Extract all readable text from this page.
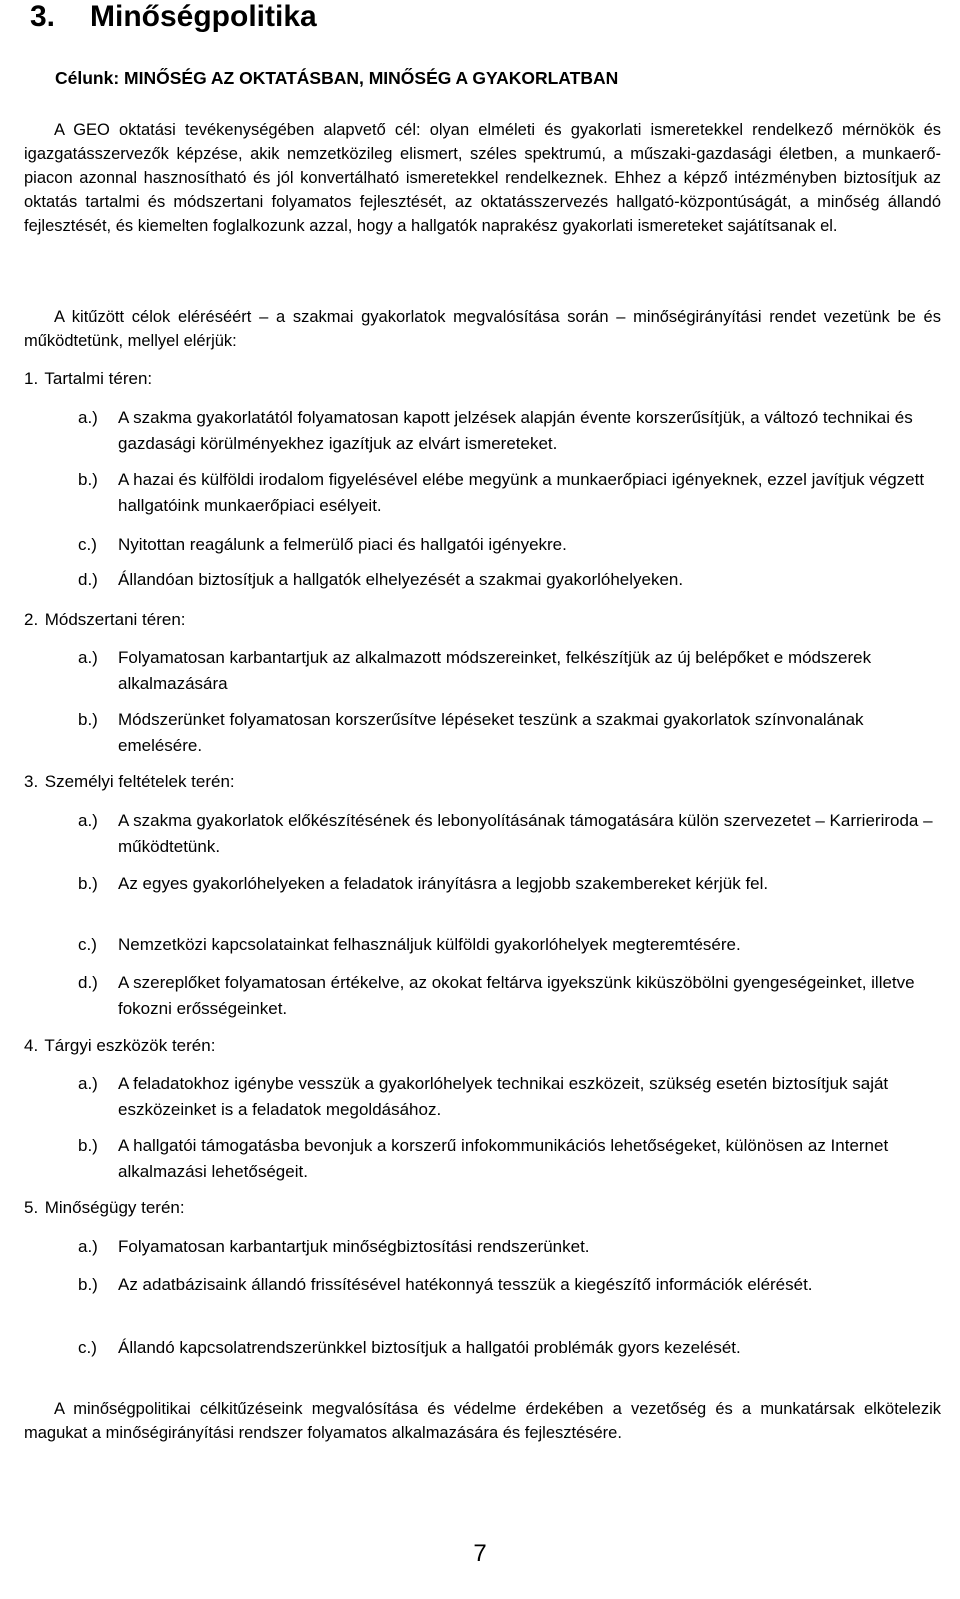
3. Minőségpolitika

Célunk: MINŐSÉG AZ OKTATÁSBAN, MINŐSÉG A GYAKORLATBAN

A GEO oktatási tevékenységében alapvető cél: olyan elméleti és gyakorlati ismeretekkel rendelkező mérnökök és igazgatásszervezők képzése, akik nemzetközileg elismert, széles spektrumú, a műszaki-gazdasági életben, a munkaerő-piacon azonnal hasznosítható és jól konvertálható ismeretekkel rendelkeznek. Ehhez a képző intézményben biztosítjuk az oktatás tartalmi és módszertani folyamatos fejlesztését, az oktatásszervezés hallgató-központúságát, a minőség állandó fejlesztését, és kiemelten foglalkozunk azzal, hogy a hallgatók naprakész gyakorlati ismereteket sajátítsanak el.

A kitűzött célok eléréséért – a szakmai gyakorlatok megvalósítása során – minőségirányítási rendet vezetünk be és működtetünk, mellyel elérjük:

1. Tartalmi téren:

a.)	A szakma gyakorlatától folyamatosan kapott jelzések alapján évente korszerűsítjük, a változó technikai és gazdasági körülményekhez igazítjuk az elvárt ismereteket.
b.)	A hazai és külföldi irodalom figyelésével elébe megyünk a munkaerőpiaci igényeknek, ezzel javítjuk végzett hallgatóink munkaerőpiaci esélyeit.
c.)	Nyitottan reagálunk a felmerülő piaci és hallgatói igényekre.
d.)	Állandóan biztosítjuk a hallgatók elhelyezését a szakmai gyakorlóhelyeken.

2. Módszertani téren:

a.)	Folyamatosan karbantartjuk az alkalmazott módszereinket, felkészítjük az új belépőket e módszerek alkalmazására
b.)	Módszerünket folyamatosan korszerűsítve lépéseket teszünk a szakmai gyakorlatok színvonalának emelésére.

3. Személyi feltételek terén:

a.)	A szakma gyakorlatok előkészítésének és lebonyolításának támogatására külön szervezetet – Karrieriroda – működtetünk.
b.)	Az egyes gyakorlóhelyeken a feladatok irányításra a legjobb szakembereket kérjük fel.
c.)	Nemzetközi kapcsolatainkat felhasználjuk külföldi gyakorlóhelyek megteremtésére.
d.)	A szereplőket folyamatosan értékelve, az okokat feltárva igyekszünk kiküszöbölni gyengeségeinket, illetve fokozni erősségeinket.

4. Tárgyi eszközök terén:

a.)	A feladatokhoz igénybe vesszük a gyakorlóhelyek technikai eszközeit, szükség esetén biztosítjuk saját eszközeinket is a feladatok megoldásához.
b.)	A hallgatói támogatásba bevonjuk a korszerű infokommunikációs lehetőségeket, különösen az Internet alkalmazási lehetőségeit.

5. Minőségügy terén:

a.)	Folyamatosan karbantartjuk minőségbiztosítási rendszerünket.
b.)	Az adatbázisaink állandó frissítésével hatékonnyá tesszük a kiegészítő információk elérését.
c.)	Állandó kapcsolatrendszerünkkel biztosítjuk a hallgatói problémák gyors kezelését.

A minőségpolitikai célkitűzéseink megvalósítása és védelme érdekében a vezetőség és a munkatársak elkötelezik magukat a minőségirányítási rendszer folyamatos alkalmazására és fejlesztésére.

7
